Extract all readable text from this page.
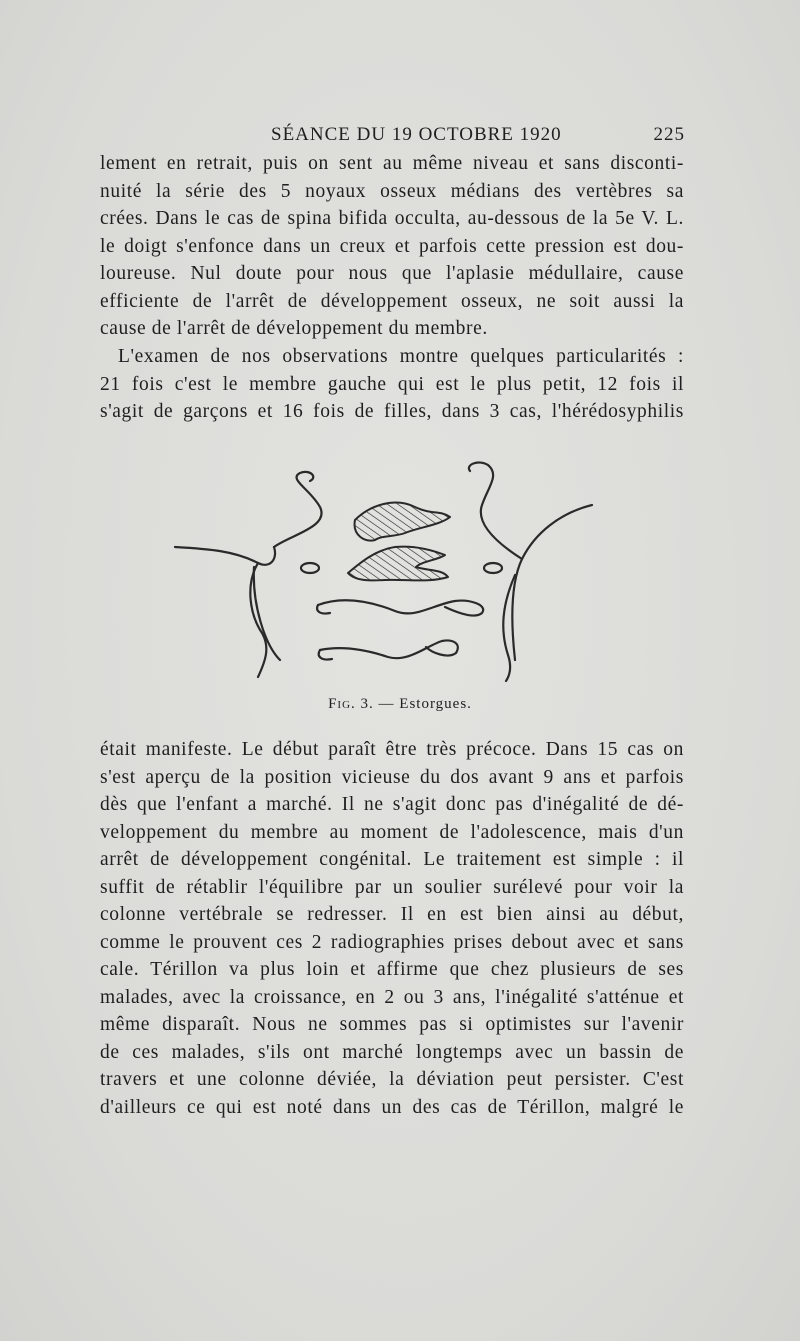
SÉANCE DU 19 OCTOBRE 1920	225
lement en retrait, puis on sent au même niveau et sans disconti-
nuité la série des 5 noyaux osseux médians des vertèbres sa
crées. Dans le cas de spina bifida occulta, au-dessous de la 5e V. L.
le doigt s'enfonce dans un creux et parfois cette pression est dou-
loureuse. Nul doute pour nous que l'aplasie médullaire, cause
efficiente de l'arrêt de développement osseux, ne soit aussi la
cause de l'arrêt de développement du membre.
L'examen de nos observations montre quelques particularités :
21 fois c'est le membre gauche qui est le plus petit, 12 fois il
s'agit de garçons et 16 fois de filles, dans 3 cas, l'hérédosyphilis
Fig. 3. — Estorgues.
était manifeste. Le début paraît être très précoce. Dans 15 cas on
s'est aperçu de la position vicieuse du dos avant 9 ans et parfois
dès que l'enfant a marché. Il ne s'agit donc pas d'inégalité de dé-
veloppement du membre au moment de l'adolescence, mais d'un
arrêt de développement congénital. Le traitement est simple : il
suffit de rétablir l'équilibre par un soulier surélevé pour voir la
colonne vertébrale se redresser. Il en est bien ainsi au début,
comme le prouvent ces 2 radiographies prises debout avec et sans
cale. Térillon va plus loin et affirme que chez plusieurs de ses
malades, avec la croissance, en 2 ou 3 ans, l'inégalité s'atténue et
même disparaît. Nous ne sommes pas si optimistes sur l'avenir
de ces malades, s'ils ont marché longtemps avec un bassin de
travers et une colonne déviée, la déviation peut persister. C'est
d'ailleurs ce qui est noté dans un des cas de Térillon, malgré le
